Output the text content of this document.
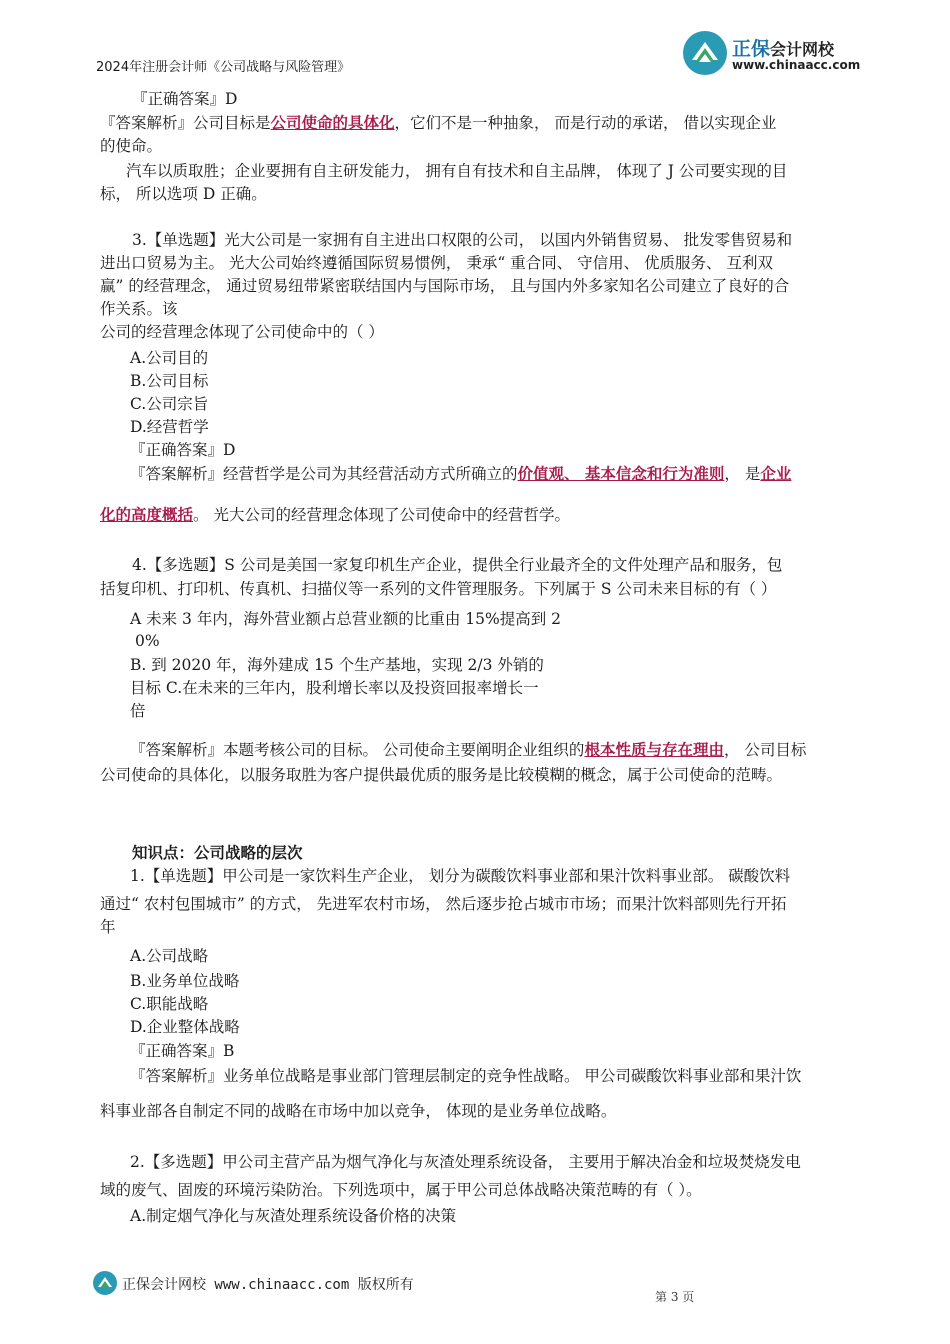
2024年注册会计师《公司战略与风险管理》
正保会计网校
www.chinaacc.com
『正确答案』D
『答案解析』公司目标是公司使命的具体化，它们不是一种抽象， 而是行动的承诺， 借以实现企业
的使命。
汽车以质取胜；企业要拥有自主研发能力， 拥有自有技术和自主品牌， 体现了 J 公司要实现的目
标， 所以选项 D 正确。
3.【单选题】光大公司是一家拥有自主进出口权限的公司， 以国内外销售贸易、 批发零售贸易和
进出口贸易为主。 光大公司始终遵循国际贸易惯例， 秉承“ 重合同、 守信用、 优质服务、 互利双
赢” 的经营理念， 通过贸易纽带紧密联结国内与国际市场， 且与国内外多家知名公司建立了良好的合
作关系。该
公司的经营理念体现了公司使命中的（ ）
A.公司目的
B.公司目标
C.公司宗旨
D.经营哲学
『正确答案』D
『答案解析』经营哲学是公司为其经营活动方式所确立的价值观、 基本信念和行为准则， 是企业
化的高度概括。 光大公司的经营理念体现了公司使命中的经营哲学。
4.【多选题】S 公司是美国一家复印机生产企业，提供全行业最齐全的文件处理产品和服务，包
括复印机、打印机、传真机、扫描仪等一系列的文件管理服务。下列属于 S 公司未来目标的有（ ）
A 未来 3 年内，海外营业额占总营业额的比重由 15%提高到 2
0%
B. 到 2020 年，海外建成 15 个生产基地，实现 2/3 外销的
目标 C.在未来的三年内，股利增长率以及投资回报率增长一
倍
『答案解析』本题考核公司的目标。 公司使命主要阐明企业组织的根本性质与存在理由， 公司目标
公司使命的具体化，以服务取胜为客户提供最优质的服务是比较模糊的概念，属于公司使命的范畴。
知识点：公司战略的层次
1.【单选题】甲公司是一家饮料生产企业， 划分为碳酸饮料事业部和果汁饮料事业部。 碳酸饮料
通过“ 农村包围城市” 的方式， 先进军农村市场， 然后逐步抢占城市市场；而果汁饮料部则先行开拓
年
A.公司战略
B.业务单位战略
C.职能战略
D.企业整体战略
『正确答案』B
『答案解析』业务单位战略是事业部门管理层制定的竞争性战略。 甲公司碳酸饮料事业部和果汁饮
料事业部各自制定不同的战略在市场中加以竞争， 体现的是业务单位战略。
2.【多选题】甲公司主营产品为烟气净化与灰渣处理系统设备， 主要用于解决冶金和垃圾焚烧发电
域的废气、固废的环境污染防治。下列选项中，属于甲公司总体战略决策范畴的有（ ）。
A.制定烟气净化与灰渣处理系统设备价格的决策
正保会计网校 www.chinaacc.com 版权所有
第 3 页
